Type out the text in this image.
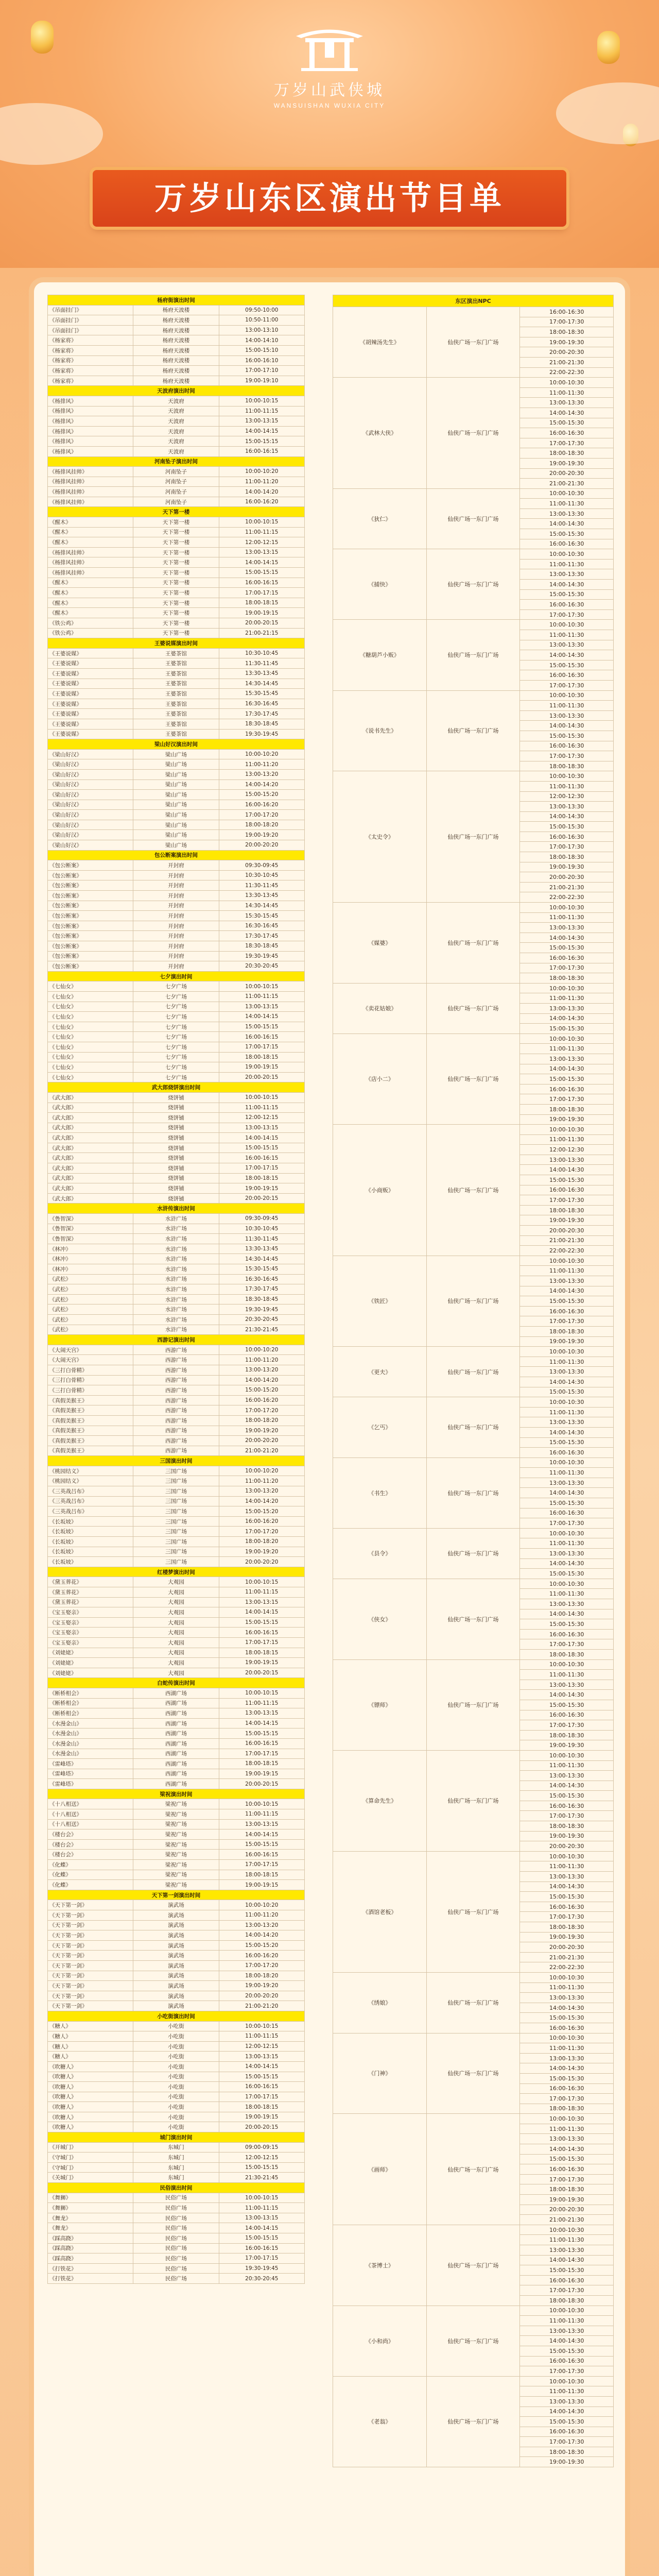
万岁山武侠城
WANSUISHAN WUXIA CITY
万岁山东区演出节目单
杨府街演出时间		
《吊面挂门》	杨府天波楼	09:50-10:00
《吊面挂门》	杨府天波楼	10:50-11:00
《吊面挂门》	杨府天波楼	13:00-13:10
《杨家将》	杨府天波楼	14:00-14:10
《杨家将》	杨府天波楼	15:00-15:10
《杨家将》	杨府天波楼	16:00-16:10
《杨家将》	杨府天波楼	17:00-17:10
《杨家将》	杨府天波楼	19:00-19:10
天波府演出时间		
《杨排风》	天波府	10:00-10:15
《杨排风》	天波府	11:00-11:15
《杨排风》	天波府	13:00-13:15
《杨排风》	天波府	14:00-14:15
《杨排风》	天波府	15:00-15:15
《杨排风》	天波府	16:00-16:15
河南坠子演出时间		
《杨排风挂帅》	河南坠子	10:00-10:20
《杨排风挂帅》	河南坠子	11:00-11:20
《杨排风挂帅》	河南坠子	14:00-14:20
《杨排风挂帅》	河南坠子	16:00-16:20
天下第一楼		
《醒木》	天下第一楼	10:00-10:15
《醒木》	天下第一楼	11:00-11:15
《醒木》	天下第一楼	12:00-12:15
《杨排风挂帅》	天下第一楼	13:00-13:15
《杨排风挂帅》	天下第一楼	14:00-14:15
《杨排风挂帅》	天下第一楼	15:00-15:15
《醒木》	天下第一楼	16:00-16:15
《醒木》	天下第一楼	17:00-17:15
《醒木》	天下第一楼	18:00-18:15
《醒木》	天下第一楼	19:00-19:15
《铁公鸡》	天下第一楼	20:00-20:15
《铁公鸡》	天下第一楼	21:00-21:15
王婆说媒演出时间		
《王婆说媒》	王婆茶馆	10:30-10:45
《王婆说媒》	王婆茶馆	11:30-11:45
《王婆说媒》	王婆茶馆	13:30-13:45
《王婆说媒》	王婆茶馆	14:30-14:45
《王婆说媒》	王婆茶馆	15:30-15:45
《王婆说媒》	王婆茶馆	16:30-16:45
《王婆说媒》	王婆茶馆	17:30-17:45
《王婆说媒》	王婆茶馆	18:30-18:45
《王婆说媒》	王婆茶馆	19:30-19:45
梁山好汉演出时间		
《梁山好汉》	梁山广场	10:00-10:20
《梁山好汉》	梁山广场	11:00-11:20
《梁山好汉》	梁山广场	13:00-13:20
《梁山好汉》	梁山广场	14:00-14:20
《梁山好汉》	梁山广场	15:00-15:20
《梁山好汉》	梁山广场	16:00-16:20
《梁山好汉》	梁山广场	17:00-17:20
《梁山好汉》	梁山广场	18:00-18:20
《梁山好汉》	梁山广场	19:00-19:20
《梁山好汉》	梁山广场	20:00-20:20
包公断案演出时间		
《包公断案》	开封府	09:30-09:45
《包公断案》	开封府	10:30-10:45
《包公断案》	开封府	11:30-11:45
《包公断案》	开封府	13:30-13:45
《包公断案》	开封府	14:30-14:45
《包公断案》	开封府	15:30-15:45
《包公断案》	开封府	16:30-16:45
《包公断案》	开封府	17:30-17:45
《包公断案》	开封府	18:30-18:45
《包公断案》	开封府	19:30-19:45
《包公断案》	开封府	20:30-20:45
七夕演出时间		
《七仙女》	七夕广场	10:00-10:15
《七仙女》	七夕广场	11:00-11:15
《七仙女》	七夕广场	13:00-13:15
《七仙女》	七夕广场	14:00-14:15
《七仙女》	七夕广场	15:00-15:15
《七仙女》	七夕广场	16:00-16:15
《七仙女》	七夕广场	17:00-17:15
《七仙女》	七夕广场	18:00-18:15
《七仙女》	七夕广场	19:00-19:15
《七仙女》	七夕广场	20:00-20:15
武大郎烧饼演出时间		
《武大郎》	烧饼铺	10:00-10:15
《武大郎》	烧饼铺	11:00-11:15
《武大郎》	烧饼铺	12:00-12:15
《武大郎》	烧饼铺	13:00-13:15
《武大郎》	烧饼铺	14:00-14:15
《武大郎》	烧饼铺	15:00-15:15
《武大郎》	烧饼铺	16:00-16:15
《武大郎》	烧饼铺	17:00-17:15
《武大郎》	烧饼铺	18:00-18:15
《武大郎》	烧饼铺	19:00-19:15
《武大郎》	烧饼铺	20:00-20:15
水浒传演出时间		
《鲁智深》	水浒广场	09:30-09:45
《鲁智深》	水浒广场	10:30-10:45
《鲁智深》	水浒广场	11:30-11:45
《林冲》	水浒广场	13:30-13:45
《林冲》	水浒广场	14:30-14:45
《林冲》	水浒广场	15:30-15:45
《武松》	水浒广场	16:30-16:45
《武松》	水浒广场	17:30-17:45
《武松》	水浒广场	18:30-18:45
《武松》	水浒广场	19:30-19:45
《武松》	水浒广场	20:30-20:45
《武松》	水浒广场	21:30-21:45
西游记演出时间		
《大闹天宫》	西游广场	10:00-10:20
《大闹天宫》	西游广场	11:00-11:20
《三打白骨精》	西游广场	13:00-13:20
《三打白骨精》	西游广场	14:00-14:20
《三打白骨精》	西游广场	15:00-15:20
《真假美猴王》	西游广场	16:00-16:20
《真假美猴王》	西游广场	17:00-17:20
《真假美猴王》	西游广场	18:00-18:20
《真假美猴王》	西游广场	19:00-19:20
《真假美猴王》	西游广场	20:00-20:20
《真假美猴王》	西游广场	21:00-21:20
三国演出时间		
《桃园结义》	三国广场	10:00-10:20
《桃园结义》	三国广场	11:00-11:20
《三英战吕布》	三国广场	13:00-13:20
《三英战吕布》	三国广场	14:00-14:20
《三英战吕布》	三国广场	15:00-15:20
《长坂坡》	三国广场	16:00-16:20
《长坂坡》	三国广场	17:00-17:20
《长坂坡》	三国广场	18:00-18:20
《长坂坡》	三国广场	19:00-19:20
《长坂坡》	三国广场	20:00-20:20
红楼梦演出时间		
《黛玉葬花》	大观园	10:00-10:15
《黛玉葬花》	大观园	11:00-11:15
《黛玉葬花》	大观园	13:00-13:15
《宝玉娶亲》	大观园	14:00-14:15
《宝玉娶亲》	大观园	15:00-15:15
《宝玉娶亲》	大观园	16:00-16:15
《宝玉娶亲》	大观园	17:00-17:15
《刘姥姥》	大观园	18:00-18:15
《刘姥姥》	大观园	19:00-19:15
《刘姥姥》	大观园	20:00-20:15
白蛇传演出时间		
《断桥相会》	西湖广场	10:00-10:15
《断桥相会》	西湖广场	11:00-11:15
《断桥相会》	西湖广场	13:00-13:15
《水漫金山》	西湖广场	14:00-14:15
《水漫金山》	西湖广场	15:00-15:15
《水漫金山》	西湖广场	16:00-16:15
《水漫金山》	西湖广场	17:00-17:15
《雷峰塔》	西湖广场	18:00-18:15
《雷峰塔》	西湖广场	19:00-19:15
《雷峰塔》	西湖广场	20:00-20:15
梁祝演出时间		
《十八相送》	梁祝广场	10:00-10:15
《十八相送》	梁祝广场	11:00-11:15
《十八相送》	梁祝广场	13:00-13:15
《楼台会》	梁祝广场	14:00-14:15
《楼台会》	梁祝广场	15:00-15:15
《楼台会》	梁祝广场	16:00-16:15
《化蝶》	梁祝广场	17:00-17:15
《化蝶》	梁祝广场	18:00-18:15
《化蝶》	梁祝广场	19:00-19:15
天下第一剑演出时间		
《天下第一剑》	演武场	10:00-10:20
《天下第一剑》	演武场	11:00-11:20
《天下第一剑》	演武场	13:00-13:20
《天下第一剑》	演武场	14:00-14:20
《天下第一剑》	演武场	15:00-15:20
《天下第一剑》	演武场	16:00-16:20
《天下第一剑》	演武场	17:00-17:20
《天下第一剑》	演武场	18:00-18:20
《天下第一剑》	演武场	19:00-19:20
《天下第一剑》	演武场	20:00-20:20
《天下第一剑》	演武场	21:00-21:20
小吃街演出时间		
《糖人》	小吃街	10:00-10:15
《糖人》	小吃街	11:00-11:15
《糖人》	小吃街	12:00-12:15
《糖人》	小吃街	13:00-13:15
《吹糖人》	小吃街	14:00-14:15
《吹糖人》	小吃街	15:00-15:15
《吹糖人》	小吃街	16:00-16:15
《吹糖人》	小吃街	17:00-17:15
《吹糖人》	小吃街	18:00-18:15
《吹糖人》	小吃街	19:00-19:15
《吹糖人》	小吃街	20:00-20:15
城门演出时间		
《开城门》	东城门	09:00-09:15
《守城门》	东城门	12:00-12:15
《守城门》	东城门	15:00-15:15
《关城门》	东城门	21:30-21:45
民俗演出时间		
《舞狮》	民俗广场	10:00-10:15
《舞狮》	民俗广场	11:00-11:15
《舞龙》	民俗广场	13:00-13:15
《舞龙》	民俗广场	14:00-14:15
《踩高跷》	民俗广场	15:00-15:15
《踩高跷》	民俗广场	16:00-16:15
《踩高跷》	民俗广场	17:00-17:15
《打铁花》	民俗广场	19:30-19:45
《打铁花》	民俗广场	20:30-20:45
东区演出NPC		
《胡辣汤先生》	仙侠广场一东门广场	16:00-16:30
		17:00-17:30
		18:00-18:30
		19:00-19:30
		20:00-20:30
		21:00-21:30
		22:00-22:30
《武林大侠》	仙侠广场一东门广场	10:00-10:30
		11:00-11:30
		13:00-13:30
		14:00-14:30
		15:00-15:30
		16:00-16:30
		17:00-17:30
		18:00-18:30
		19:00-19:30
		20:00-20:30
		21:00-21:30
《狄仁》	仙侠广场一东门广场	10:00-10:30
		11:00-11:30
		13:00-13:30
		14:00-14:30
		15:00-15:30
		16:00-16:30
《捕快》	仙侠广场一东门广场	10:00-10:30
		11:00-11:30
		13:00-13:30
		14:00-14:30
		15:00-15:30
		16:00-16:30
		17:00-17:30
《糖葫芦小贩》	仙侠广场一东门广场	10:00-10:30
		11:00-11:30
		13:00-13:30
		14:00-14:30
		15:00-15:30
		16:00-16:30
		17:00-17:30
《说书先生》	仙侠广场一东门广场	10:00-10:30
		11:00-11:30
		13:00-13:30
		14:00-14:30
		15:00-15:30
		16:00-16:30
		17:00-17:30
		18:00-18:30
《太史令》	仙侠广场一东门广场	10:00-10:30
		11:00-11:30
		12:00-12:30
		13:00-13:30
		14:00-14:30
		15:00-15:30
		16:00-16:30
		17:00-17:30
		18:00-18:30
		19:00-19:30
		20:00-20:30
		21:00-21:30
		22:00-22:30
《媒婆》	仙侠广场一东门广场	10:00-10:30
		11:00-11:30
		13:00-13:30
		14:00-14:30
		15:00-15:30
		16:00-16:30
		17:00-17:30
		18:00-18:30
《卖花姑娘》	仙侠广场一东门广场	10:00-10:30
		11:00-11:30
		13:00-13:30
		14:00-14:30
		15:00-15:30
《店小二》	仙侠广场一东门广场	10:00-10:30
		11:00-11:30
		13:00-13:30
		14:00-14:30
		15:00-15:30
		16:00-16:30
		17:00-17:30
		18:00-18:30
		19:00-19:30
《小商贩》	仙侠广场一东门广场	10:00-10:30
		11:00-11:30
		12:00-12:30
		13:00-13:30
		14:00-14:30
		15:00-15:30
		16:00-16:30
		17:00-17:30
		18:00-18:30
		19:00-19:30
		20:00-20:30
		21:00-21:30
		22:00-22:30
《铁匠》	仙侠广场一东门广场	10:00-10:30
		11:00-11:30
		13:00-13:30
		14:00-14:30
		15:00-15:30
		16:00-16:30
		17:00-17:30
		18:00-18:30
		19:00-19:30
《更夫》	仙侠广场一东门广场	10:00-10:30
		11:00-11:30
		13:00-13:30
		14:00-14:30
		15:00-15:30
《乞丐》	仙侠广场一东门广场	10:00-10:30
		11:00-11:30
		13:00-13:30
		14:00-14:30
		15:00-15:30
		16:00-16:30
《书生》	仙侠广场一东门广场	10:00-10:30
		11:00-11:30
		13:00-13:30
		14:00-14:30
		15:00-15:30
		16:00-16:30
		17:00-17:30
《县令》	仙侠广场一东门广场	10:00-10:30
		11:00-11:30
		13:00-13:30
		14:00-14:30
		15:00-15:30
《侠女》	仙侠广场一东门广场	10:00-10:30
		11:00-11:30
		13:00-13:30
		14:00-14:30
		15:00-15:30
		16:00-16:30
		17:00-17:30
		18:00-18:30
《镖师》	仙侠广场一东门广场	10:00-10:30
		11:00-11:30
		13:00-13:30
		14:00-14:30
		15:00-15:30
		16:00-16:30
		17:00-17:30
		18:00-18:30
		19:00-19:30
《算命先生》	仙侠广场一东门广场	10:00-10:30
		11:00-11:30
		13:00-13:30
		14:00-14:30
		15:00-15:30
		16:00-16:30
		17:00-17:30
		18:00-18:30
		19:00-19:30
		20:00-20:30
《酒馆老板》	仙侠广场一东门广场	10:00-10:30
		11:00-11:30
		13:00-13:30
		14:00-14:30
		15:00-15:30
		16:00-16:30
		17:00-17:30
		18:00-18:30
		19:00-19:30
		20:00-20:30
		21:00-21:30
		22:00-22:30
《绣娘》	仙侠广场一东门广场	10:00-10:30
		11:00-11:30
		13:00-13:30
		14:00-14:30
		15:00-15:30
		16:00-16:30
《门神》	仙侠广场一东门广场	10:00-10:30
		11:00-11:30
		13:00-13:30
		14:00-14:30
		15:00-15:30
		16:00-16:30
		17:00-17:30
		18:00-18:30
《画师》	仙侠广场一东门广场	10:00-10:30
		11:00-11:30
		13:00-13:30
		14:00-14:30
		15:00-15:30
		16:00-16:30
		17:00-17:30
		18:00-18:30
		19:00-19:30
		20:00-20:30
		21:00-21:30
《茶博士》	仙侠广场一东门广场	10:00-10:30
		11:00-11:30
		13:00-13:30
		14:00-14:30
		15:00-15:30
		16:00-16:30
		17:00-17:30
		18:00-18:30
《小和尚》	仙侠广场一东门广场	10:00-10:30
		11:00-11:30
		13:00-13:30
		14:00-14:30
		15:00-15:30
		16:00-16:30
		17:00-17:30
《老翁》	仙侠广场一东门广场	10:00-10:30
		11:00-11:30
		13:00-13:30
		14:00-14:30
		15:00-15:30
		16:00-16:30
		17:00-17:30
		18:00-18:30
		19:00-19:30
